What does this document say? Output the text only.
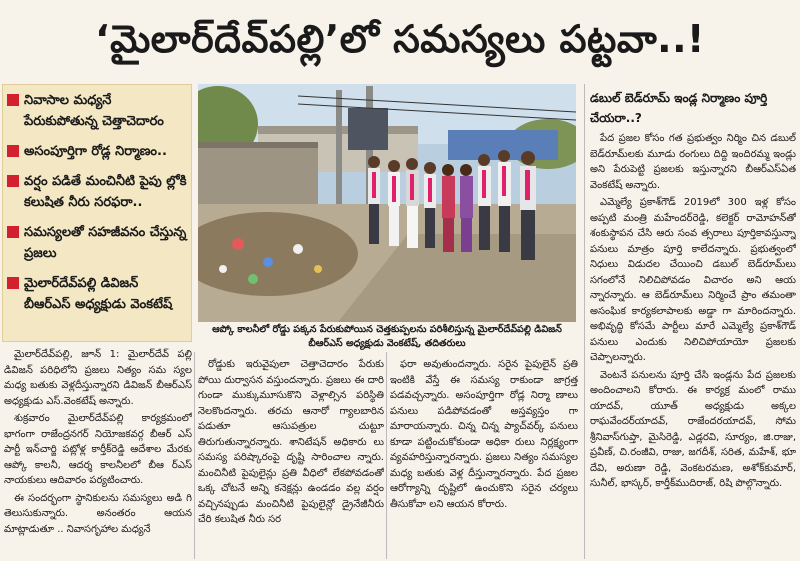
‘మైలార్‌దేవ్‌పల్లి’లో సమస్యలు పట్టవా..!
నివాసాల మధ్యనే పేరుకుపోతున్న చెత్తాచెదారం
అసంపూర్తిగా రోడ్ల నిర్మాణం..
వర్షం పడితే మంచినీటి పైపు ల్లోకి కలుషిత నీరు సరఫరా..
సమస్యలతో సహజీవనం చేస్తున్న ప్రజలు
మైలార్‌దేవ్‌పల్లి డివిజన్ బీఆర్‌ఎస్ అధ్యక్షుడు వెంకటేష్
ఆప్కో కాలనీలో రోడ్డు పక్కన పేరుకుపోయిన చెత్తకుప్పలను పరిశీలిస్తున్న మైలార్‌దేవ్‌పల్లి డివిజన్ బీఆర్‌ఎస్ అధ్యక్షుడు వెంకటేష్, తదితరులు

మైలార్‌దేవ్‌పల్లి, జూన్ 1: మైలార్‌దేవ్ పల్లి డివిజన్ పరిధిలోని ప్రజలు నిత్యం సమ స్యల మధ్య బతుకు వెళ్లదీస్తున్నారని డివిజన్ బీఆర్‌ఎస్ అధ్యక్షుడు ఎస్.వెంకటేష్ అన్నారు.

శుక్రవారం మైలార్‌దేవ్‌పల్లి కార్యక్రమంలో భాగంగా రాజేంద్రనగర్ నియోజకవర్గ బీఆర్ ఎస్ పార్టీ ఇన్‌చార్జి పట్లోళ్ల కార్తీక్‌రెడ్డి ఆదేశాల మేరకు ఆప్కో కాలనీ, ఆదర్శ కాలనీలలో బీఆ ర్‌ఎస్ నాయకులు ఆదివారం పర్యటించారు.

ఈ సందర్భంగా స్థానికులను సమస్యలు అడి గి తెలుసుకున్నారు. అనంతరం ఆయన మాట్లాడుతూ .. నివాసగృహాల మధ్యనే

రోడ్డుకు ఇరువైపులా చెత్తాచెదారం పేరుకు పోయి దుర్వాసన వస్తుందన్నారు. ప్రజలు ఈ దారి గుండా ముక్కుమూసుకొని వెళ్లాల్సిన పరిస్థితి నెలకొందన్నారు. తరచు ఆనారో గ్యాలబారిన పడుతూ ఆసుపత్రుల చుట్టూ తిరుగుతున్నారన్నారు. శానిటేషన్ అధికారు లు సమస్య పరిష్కారంపై దృష్టి సారించాల న్నారు. మంచినీటి పైపులైన్లు ప్రతి వీధిలో లేకపోవడంతో ఒక్క చోటనే అన్ని కనెక్షన్లు ఉండడం వల్ల వర్షం వచ్చినప్పుడు మంచినీటి పైపులైన్లో డ్రైనేజీనీరు చేరి కలుషిత నీరు సర

ఫరా అవుతుందన్నారు. సరైన పైపులైన్ ప్రతి ఇంటికి వేస్తే ఈ సమస్య రాకుండా జాగ్రత్త పడవచ్చన్నారు. అసంపూర్తిగా రోడ్ల నిర్మా ణాలు పనులు పడిపోవడంతో అస్తవ్యస్తం గా మారాయన్నారు. చిన్న చిన్న ప్యాచ్‌వర్క్ పనులు కూడా పట్టించుకోకుండా అధికా రులు నిర్లక్ష్యంగా వ్యవహరిస్తున్నారన్నారు. ప్రజలు నిత్యం సమస్యల మధ్య బతుకు వెళ్ల దీస్తున్నారన్నారు. పేద ప్రజల ఆరోగ్యాన్ని దృష్టిలో ఉంచుకొని సరైన చర్యలు తీసుకోవా లని ఆయన కోరారు.

డబుల్ బెడ్‌రూమ్ ఇండ్ల నిర్మాణం పూర్తి చేయరా..?

పేద ప్రజల కోసం గత ప్రభుత్వం నిర్మిం చిన డబుల్ బెడ్‌రూమ్‌లకు మూడు రంగులు దిద్ది ఇందిరమ్మ ఇండ్లు అని పేరుపెట్టి ప్రజలకు ఇస్తున్నారని బీఆర్‌ఎస్‌ఏత వెంకటేష్ అన్నారు.

ఎమ్మెల్యే ప్రకాశ్‌గౌడ్ 2019లో 300 ఇళ్ల కోసం అప్పటి మంత్రి మహేందర్‌రెడ్డి, కలెక్టర్ రామోహన్‌తో శంకుస్థాపన చేసి ఆరు సంవ త్సరాలు పూర్తికావస్తున్నా పనులు మాత్రం పూర్తి కాలేదన్నారు. ప్రభుత్వంలో నిధులు విడుదల చేయించి డబుల్ బెడ్‌రూమ్‌లు సగంలోనే నిలిచిపోవడం విచారం అని ఆయ న్నారన్నారు. ఆ బెడ్‌రూమ్‌లు నిర్మించే ప్రాం తమంతా అసంఘిక కార్యకలాపాలకు అడ్డా గా మారిందన్నారు. అభివృద్ధి కోసమే పార్టీలు మారే ఎమ్మెల్యే ప్రకాశ్‌గౌడ్ పనులు ఎందుకు నిలిచిపోయాయో ప్రజలకు చెప్పాలన్నారు.

వెంటనే పనులను పూర్తి చేసి ఇండ్లను పేద ప్రజలకు అందించాలని కోరారు. ఈ కార్యక్ర మంలో రాము యాదవ్, యూత్ అధ్యక్షుడు అక్కల రాఘవేందర్‌యాదవ్, రాజేందరయాదవ్, సోమ శ్రీనివాస్‌గుప్తా, మైసిరెడ్డి, ఎడ్లరవి, సూర్యం, జి.రాజు, ప్రవీణ్, చి.రంజీవి, రాజు, జగదీశ్, సరిత, మహేశ్, భూ దేవి, అరుణా రెడ్డి, వెంకటరమణ, అశోక్‌కుమార్, సునీల్, భాస్కర్, కార్తీక్‌ముదిరాజ్, రిషి పొల్గొన్నారు.
